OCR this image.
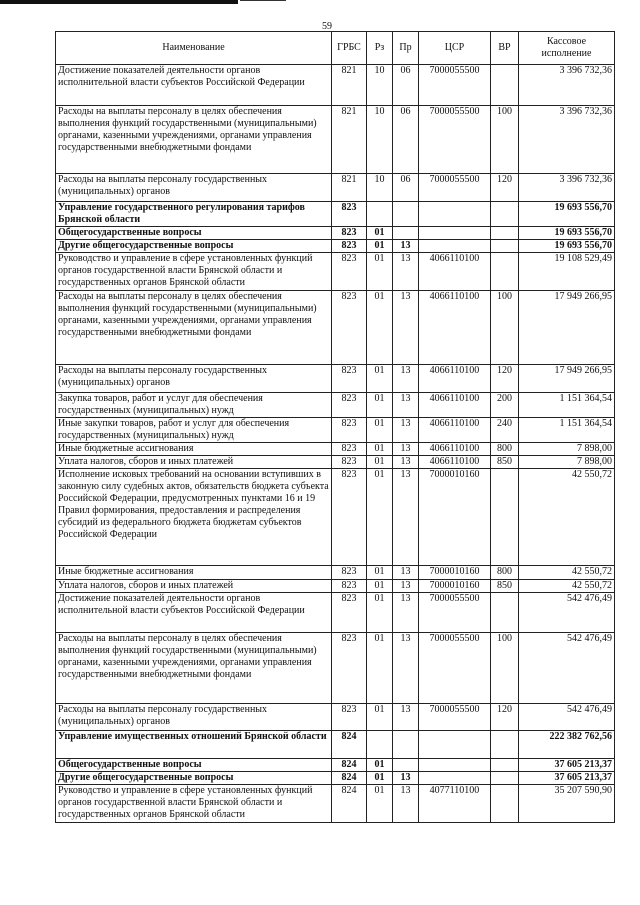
59
Наименование	ГРБС	Рз	Пр	ЦСР	ВР	Кассовое исполнение
Достижение показателей деятельности органов исполнительной власти субъектов Российской Федерации	821	10	06	7000055500		3 396 732,36
Расходы на выплаты персоналу в целях обеспечения выполнения функций государственными (муниципальными) органами, казенными учреждениями, органами управления государственными внебюджетными фондами	821	10	06	7000055500	100	3 396 732,36
Расходы на выплаты персоналу государственных (муниципальных) органов	821	10	06	7000055500	120	3 396 732,36
Управление государственного регулирования тарифов Брянской области	823					19 693 556,70
Общегосударственные вопросы	823	01				19 693 556,70
Другие общегосударственные вопросы	823	01	13			19 693 556,70
Руководство и управление в сфере установленных функций органов государственной власти Брянской области и государственных органов Брянской области	823	01	13	4066110100		19 108 529,49
Расходы на выплаты персоналу в целях обеспечения выполнения функций государственными (муниципальными) органами, казенными учреждениями, органами управления государственными внебюджетными фондами	823	01	13	4066110100	100	17 949 266,95
Расходы на выплаты персоналу государственных (муниципальных) органов	823	01	13	4066110100	120	17 949 266,95
Закупка товаров, работ и услуг для обеспечения государственных (муниципальных) нужд	823	01	13	4066110100	200	1 151 364,54
Иные закупки товаров, работ и услуг для обеспечения государственных (муниципальных) нужд	823	01	13	4066110100	240	1 151 364,54
Иные бюджетные ассигнования	823	01	13	4066110100	800	7 898,00
Уплата налогов, сборов и иных платежей	823	01	13	4066110100	850	7 898,00
Исполнение исковых требований на основании вступивших в законную силу судебных актов, обязательств бюджета субъекта Российской Федерации, предусмотренных пунктами 16 и 19 Правил формирования, предоставления и распределения субсидий из федерального бюджета бюджетам субъектов Российской Федерации	823	01	13	7000010160		42 550,72
Иные бюджетные ассигнования	823	01	13	7000010160	800	42 550,72
Уплата налогов, сборов и иных платежей	823	01	13	7000010160	850	42 550,72
Достижение показателей деятельности органов исполнительной власти субъектов Российской Федерации	823	01	13	7000055500		542 476,49
Расходы на выплаты персоналу в целях обеспечения выполнения функций государственными (муниципальными) органами, казенными учреждениями, органами управления государственными внебюджетными фондами	823	01	13	7000055500	100	542 476,49
Расходы на выплаты персоналу государственных (муниципальных) органов	823	01	13	7000055500	120	542 476,49
Управление имущественных отношений Брянской области	824					222 382 762,56
Общегосударственные вопросы	824	01				37 605 213,37
Другие общегосударственные вопросы	824	01	13			37 605 213,37
Руководство и управление в сфере установленных функций органов государственной власти Брянской области и государственных органов Брянской области	824	01	13	4077110100		35 207 590,90
